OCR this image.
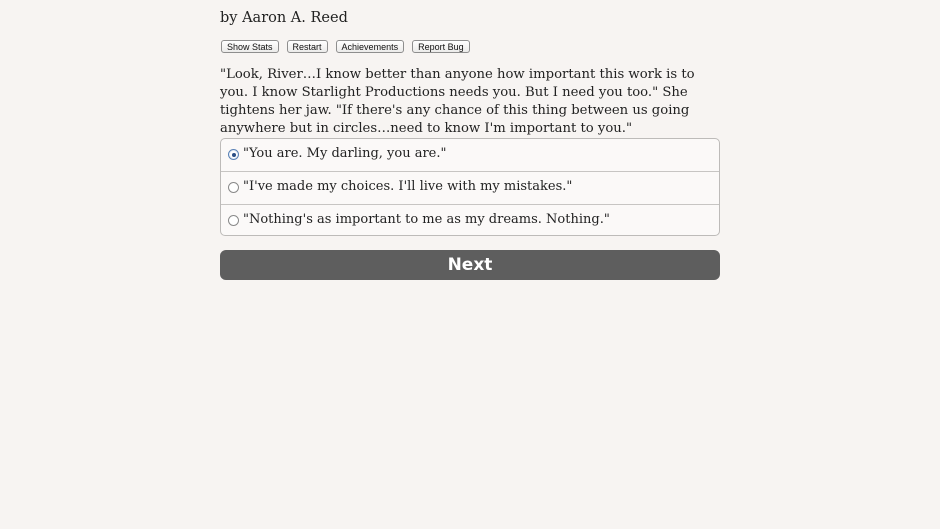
by Aaron A. Reed
Show Stats	Restart	Achievements	Report Bug
"Look, River…I know better than anyone how important this work is to you. I know Starlight Productions needs you. But I need you too." She tightens her jaw. "If there's any chance of this thing between us going anywhere but in circles…need to know I'm important to you."
"You are. My darling, you are."
"I've made my choices. I'll live with my mistakes."
"Nothing's as important to me as my dreams. Nothing."
Next
